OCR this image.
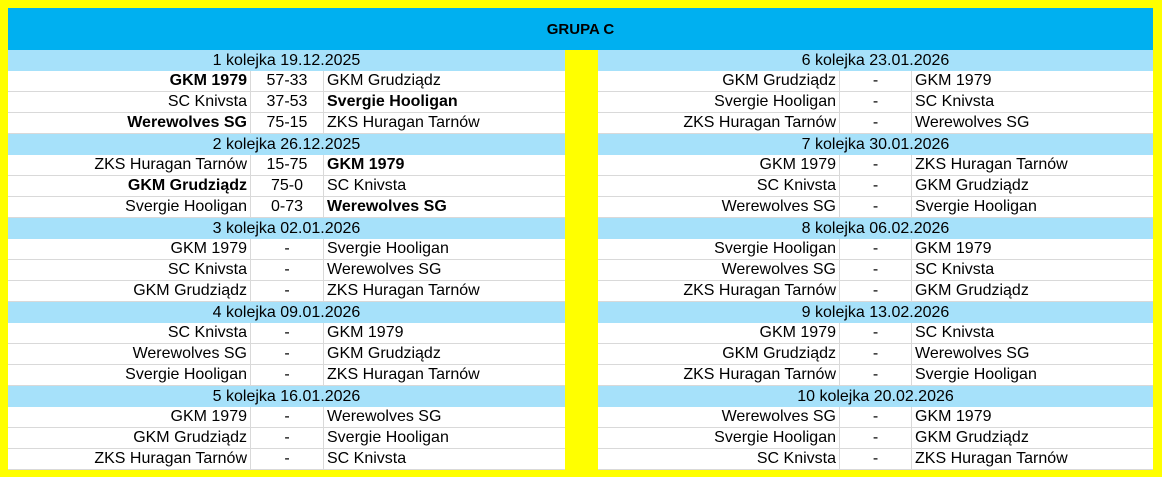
GRUPA C
1 kolejka 19.12.2025
GKM 1979	57-33	GKM Grudziądz
SC Knivsta	37-53	Svergie Hooligan
Werewolves SG	75-15	ZKS Huragan Tarnów
2 kolejka 26.12.2025
ZKS Huragan Tarnów	15-75	GKM 1979
GKM Grudziądz	75-0	SC Knivsta
Svergie Hooligan	0-73	Werewolves SG
3 kolejka 02.01.2026
GKM 1979	-	Svergie Hooligan
SC Knivsta	-	Werewolves SG
GKM Grudziądz	-	ZKS Huragan Tarnów
4 kolejka 09.01.2026
SC Knivsta	-	GKM 1979
Werewolves SG	-	GKM Grudziądz
Svergie Hooligan	-	ZKS Huragan Tarnów
5 kolejka 16.01.2026
GKM 1979	-	Werewolves SG
GKM Grudziądz	-	Svergie Hooligan
ZKS Huragan Tarnów	-	SC Knivsta
6 kolejka 23.01.2026
GKM Grudziądz	-	GKM 1979
Svergie Hooligan	-	SC Knivsta
ZKS Huragan Tarnów	-	Werewolves SG
7 kolejka 30.01.2026
GKM 1979	-	ZKS Huragan Tarnów
SC Knivsta	-	GKM Grudziądz
Werewolves SG	-	Svergie Hooligan
8 kolejka 06.02.2026
Svergie Hooligan	-	GKM 1979
Werewolves SG	-	SC Knivsta
ZKS Huragan Tarnów	-	GKM Grudziądz
9 kolejka 13.02.2026
GKM 1979	-	SC Knivsta
GKM Grudziądz	-	Werewolves SG
ZKS Huragan Tarnów	-	Svergie Hooligan
10 kolejka 20.02.2026
Werewolves SG	-	GKM 1979
Svergie Hooligan	-	GKM Grudziądz
SC Knivsta	-	ZKS Huragan Tarnów
